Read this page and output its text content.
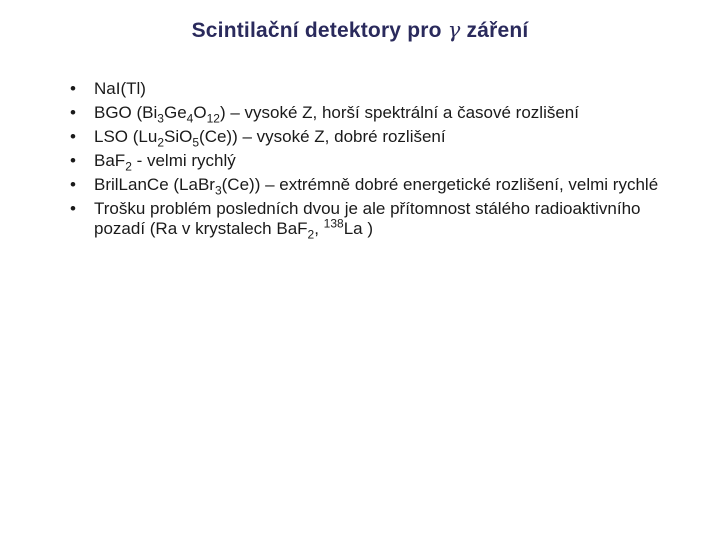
Scintilační detektory pro γ záření
•	NaI(Tl)
•	BGO $(Bi_3Ge_4O_{12})$ – vysoké Z, horší spektrální a časové rozlišení
•	LSO $(Lu_2SiO_5(Ce))$ – vysoké Z, dobré rozlišení
•	BaF$_2$ - velmi rychlý
•	BrilLanCe (LaBr$_3$(Ce)) – extrémně dobré energetické rozlišení, velmi rychlé
•	Trošku problém posledních dvou je ale přítomnost stálého radioaktivního pozadí (Ra v krystalech BaF$_2$, $^{138}$La )
